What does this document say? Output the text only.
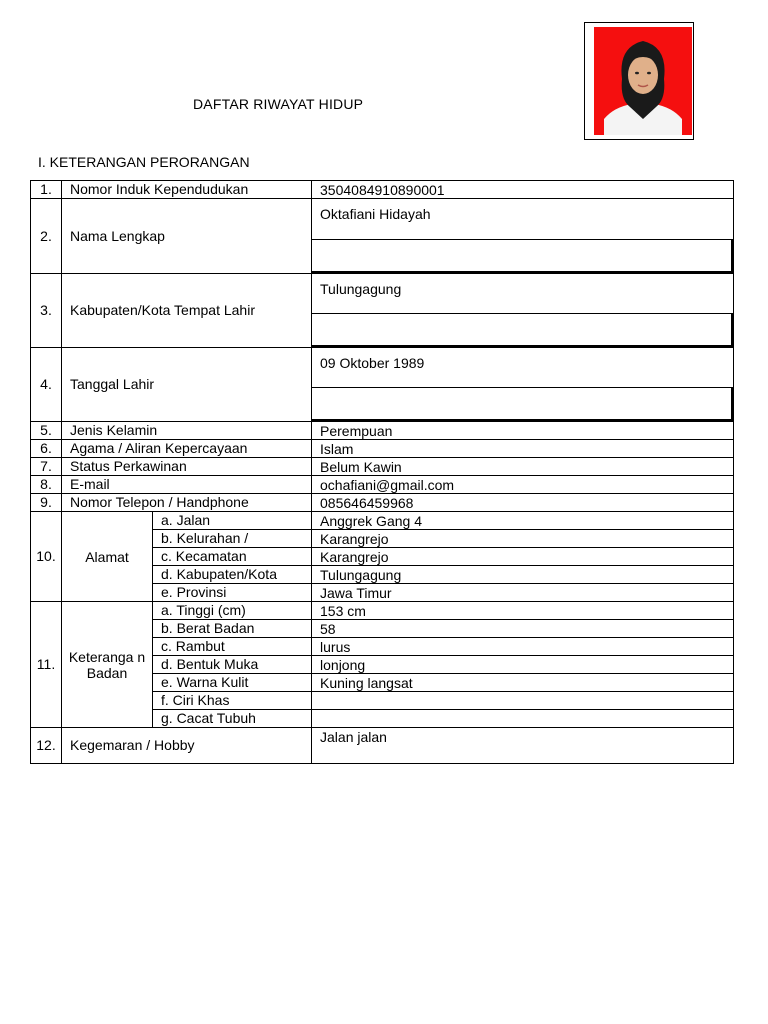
DAFTAR RIWAYAT HIDUP
I. KETERANGAN PERORANGAN
1.	Nomor Induk Kependudukan		3504084910890001
2.	Nama Lengkap		Oktafiani Hidayah

3.	Kabupaten/Kota Tempat Lahir		Tulungagung

4.	Tanggal Lahir		09 Oktober 1989

5.	Jenis Kelamin		Perempuan
6.	Agama / Aliran Kepercayaan		Islam
7.	Status Perkawinan		Belum Kawin
8.	E-mail		ochafiani@gmail.com
9.	Nomor Telepon / Handphone		085646459968
10.	Alamat	a. Jalan	Anggrek Gang 4
		b. Kelurahan /	Karangrejo
		c. Kecamatan	Karangrejo
		d. Kabupaten/Kota	Tulungagung
		e. Provinsi	Jawa Timur
11.	Keteranga n Badan	a. Tinggi (cm)	153 cm
		b. Berat Badan	58
		c. Rambut	lurus
		d. Bentuk Muka	lonjong
		e. Warna Kulit	Kuning langsat
		f. Ciri Khas	
		g. Cacat Tubuh	
12.	Kegemaran / Hobby		Jalan jalan
